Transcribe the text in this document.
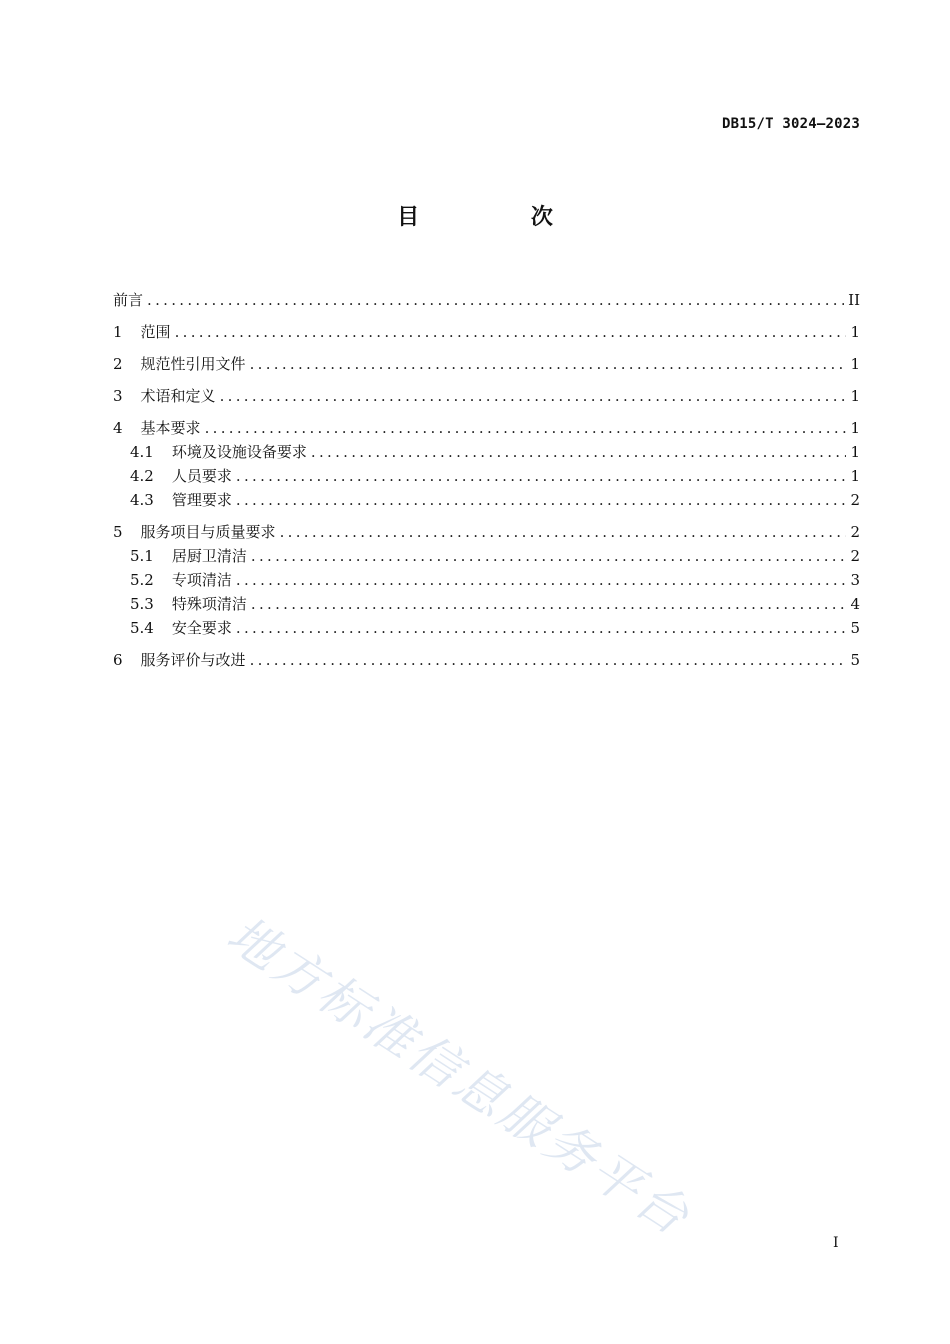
DB15/T 3024—2023
目 次
前言 .....	II
1 范围 .....	1
2 规范性引用文件 .....	1
3 术语和定义 .....	1
4 基本要求 .....	1
4.1 环境及设施设备要求 .....	1
4.2 人员要求 .....	1
4.3 管理要求 .....	2
5 服务项目与质量要求 .....	2
5.1 居厨卫清洁 .....	2
5.2 专项清洁 .....	3
5.3 特殊项清洁 .....	4
5.4 安全要求 .....	5
6 服务评价与改进 .....	5
地方标准信息服务平台	I
